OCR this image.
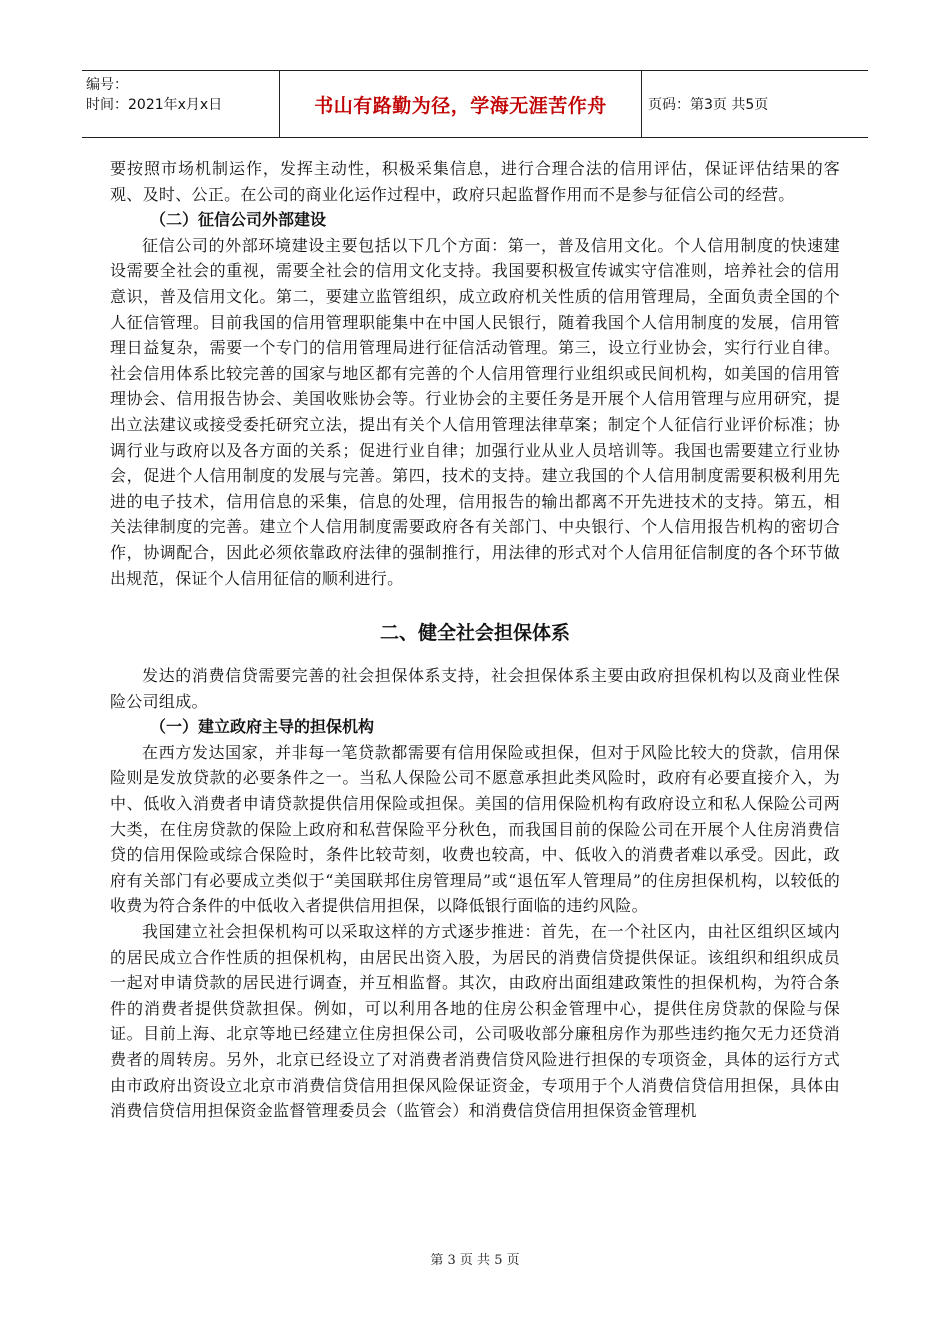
编号：
时间：2021年x月x日	书山有路勤为径，学海无涯苦作舟	页码：第3页 共5页

要按照市场机制运作，发挥主动性，积极采集信息，进行合理合法的信用评估，保证评估结果的客观、及时、公正。在公司的商业化运作过程中，政府只起监督作用而不是参与征信公司的经营。

（二）征信公司外部建设

征信公司的外部环境建设主要包括以下几个方面：第一，普及信用文化。个人信用制度的快速建设需要全社会的重视，需要全社会的信用文化支持。我国要积极宣传诚实守信准则，培养社会的信用意识，普及信用文化。第二，要建立监管组织，成立政府机关性质的信用管理局，全面负责全国的个人征信管理。目前我国的信用管理职能集中在中国人民银行，随着我国个人信用制度的发展，信用管理日益复杂，需要一个专门的信用管理局进行征信活动管理。第三，设立行业协会，实行行业自律。社会信用体系比较完善的国家与地区都有完善的个人信用管理行业组织或民间机构，如美国的信用管理协会、信用报告协会、美国收账协会等。行业协会的主要任务是开展个人信用管理与应用研究，提出立法建议或接受委托研究立法，提出有关个人信用管理法律草案；制定个人征信行业评价标准；协调行业与政府以及各方面的关系；促进行业自律；加强行业从业人员培训等。我国也需要建立行业协会，促进个人信用制度的发展与完善。第四，技术的支持。建立我国的个人信用制度需要积极利用先进的电子技术，信用信息的采集，信息的处理，信用报告的输出都离不开先进技术的支持。第五，相关法律制度的完善。建立个人信用制度需要政府各有关部门、中央银行、个人信用报告机构的密切合作，协调配合，因此必须依靠政府法律的强制推行，用法律的形式对个人信用征信制度的各个环节做出规范，保证个人信用征信的顺利进行。

二、健全社会担保体系

发达的消费信贷需要完善的社会担保体系支持，社会担保体系主要由政府担保机构以及商业性保险公司组成。

（一）建立政府主导的担保机构

在西方发达国家，并非每一笔贷款都需要有信用保险或担保，但对于风险比较大的贷款，信用保险则是发放贷款的必要条件之一。当私人保险公司不愿意承担此类风险时，政府有必要直接介入，为中、低收入消费者申请贷款提供信用保险或担保。美国的信用保险机构有政府设立和私人保险公司两大类，在住房贷款的保险上政府和私营保险平分秋色，而我国目前的保险公司在开展个人住房消费信贷的信用保险或综合保险时，条件比较苛刻，收费也较高，中、低收入的消费者难以承受。因此，政府有关部门有必要成立类似于“美国联邦住房管理局”或“退伍军人管理局”的住房担保机构，以较低的收费为符合条件的中低收入者提供信用担保，以降低银行面临的违约风险。

我国建立社会担保机构可以采取这样的方式逐步推进：首先，在一个社区内，由社区组织区域内的居民成立合作性质的担保机构，由居民出资入股，为居民的消费信贷提供保证。该组织和组织成员一起对申请贷款的居民进行调查，并互相监督。其次，由政府出面组建政策性的担保机构，为符合条件的消费者提供贷款担保。例如，可以利用各地的住房公积金管理中心，提供住房贷款的保险与保证。目前上海、北京等地已经建立住房担保公司，公司吸收部分廉租房作为那些违约拖欠无力还贷消费者的周转房。另外，北京已经设立了对消费者消费信贷风险进行担保的专项资金，具体的运行方式由市政府出资设立北京市消费信贷信用担保风险保证资金，专项用于个人消费信贷信用担保，具体由消费信贷信用担保资金监督管理委员会（监管会）和消费信贷信用担保资金管理机

第 3 页 共 5 页
